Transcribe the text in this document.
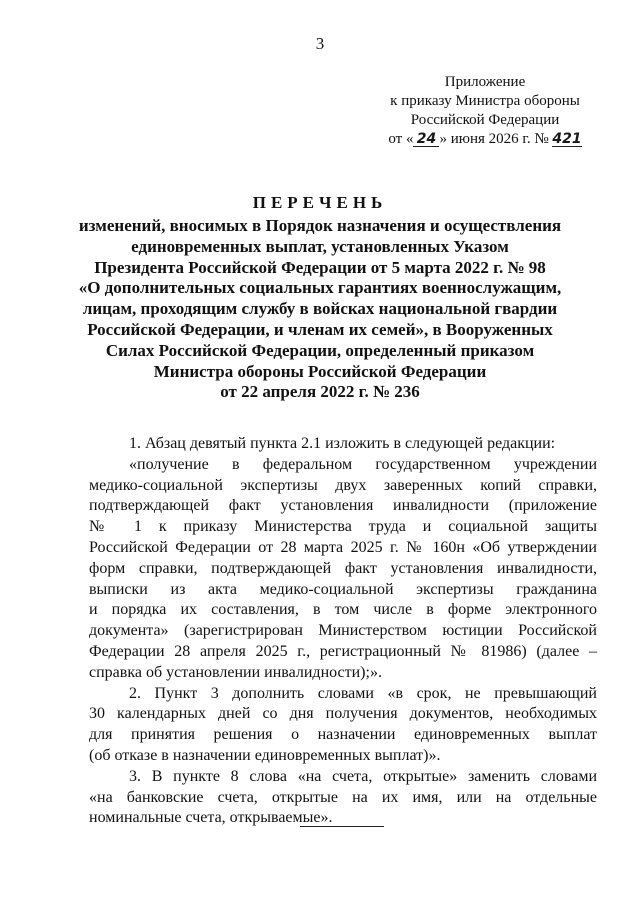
3
Приложение
к приказу Министра обороны
Российской Федерации
от « 24 » июня 2026 г. № 421
ПЕРЕЧЕНЬ
изменений, вносимых в Порядок назначения и осуществления
единовременных выплат, установленных Указом
Президента Российской Федерации от 5 марта 2022 г. № 98
«О дополнительных социальных гарантиях военнослужащим,
лицам, проходящим службу в войсках национальной гвардии
Российской Федерации, и членам их семей», в Вооруженных
Силах Российской Федерации, определенный приказом
Министра обороны Российской Федерации
от 22 апреля 2022 г. № 236
1. Абзац девятый пункта 2.1 изложить в следующей редакции:
«получение в федеральном государственном учреждении
медико-социальной экспертизы двух заверенных копий справки,
подтверждающей факт установления инвалидности (приложение
№ 1 к приказу Министерства труда и социальной защиты
Российской Федерации от 28 марта 2025 г. № 160н «Об утверждении
форм справки, подтверждающей факт установления инвалидности,
выписки из акта медико-социальной экспертизы гражданина
и порядка их составления, в том числе в форме электронного
документа» (зарегистрирован Министерством юстиции Российской
Федерации 28 апреля 2025 г., регистрационный № 81986) (далее –
справка об установлении инвалидности);».
2. Пункт 3 дополнить словами «в срок, не превышающий
30 календарных дней со дня получения документов, необходимых
для принятия решения о назначении единовременных выплат
(об отказе в назначении единовременных выплат)».
3. В пункте 8 слова «на счета, открытые» заменить словами
«на банковские счета, открытые на их имя, или на отдельные
номинальные счета, открываемые».
